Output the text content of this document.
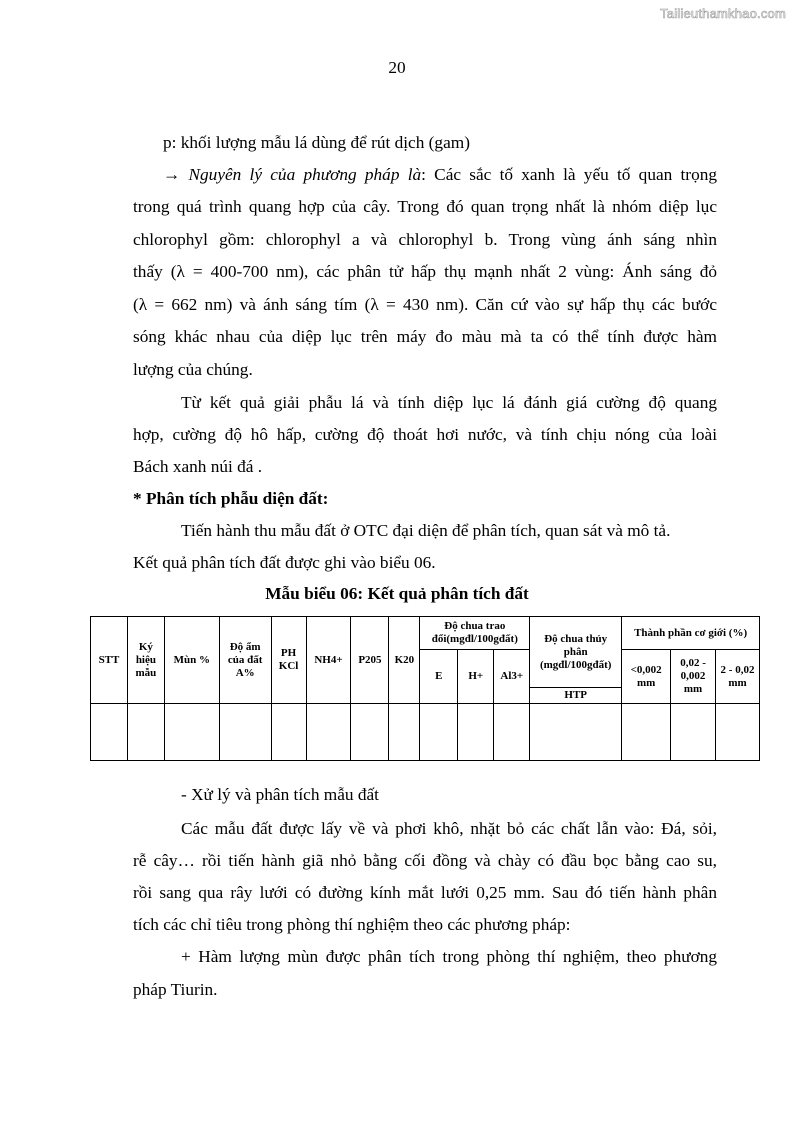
Tailieuthamkhao.com
20
p: khối lượng mẫu lá dùng để rút dịch (gam)
→ Nguyên lý của phương pháp là: Các sắc tố xanh là yếu tố quan trọng
trong quá trình quang hợp của cây. Trong đó quan trọng nhất là nhóm diệp lục
chlorophyl gồm: chlorophyl a và chlorophyl b. Trong vùng ánh sáng nhìn
thấy (λ = 400-700 nm), các phân tử hấp thụ mạnh nhất 2 vùng: Ánh sáng đỏ
(λ = 662 nm) và ánh sáng tím (λ = 430 nm). Căn cứ vào sự hấp thụ các bước
sóng khác nhau của diệp lục trên máy đo màu mà ta có thể tính được hàm
lượng của chúng.
Từ kết quả giải phẫu lá và tính diệp lục lá đánh giá cường độ quang
hợp, cường độ hô hấp, cường độ thoát hơi nước, và tính chịu nóng của loài
Bách xanh núi đá .
* Phân tích phẫu diện đất:
Tiến hành thu mẫu đất ở OTC đại diện để phân tích, quan sát và mô tả.
Kết quả phân tích đất được ghi vào biểu 06.
Mẫu biểu 06: Kết quả phân tích đất
STT	Ký hiệu mẫu	Mùn %	Độ ẩm của đất A%	PH KCl	NH4+	P205	K20	Độ chua trao đổi(mgđl/100gđất)			Độ chua thủy phân (mgđl/100gđất)	Thành phần cơ giới (%)		
								E	H+	Al3+		<0,002 mm	0,02 - 0,002 mm	2 - 0,02 mm
											HTP			

- Xử lý và phân tích mẫu đất
Các mẫu đất được lấy về và phơi khô, nhặt bỏ các chất lẫn vào: Đá, sỏi,
rễ cây… rồi tiến hành giã nhỏ bằng cối đồng và chày có đầu bọc bằng cao su,
rồi sang qua rây lưới có đường kính mắt lưới 0,25 mm. Sau đó tiến hành phân
tích các chỉ tiêu trong phòng thí nghiệm theo các phương pháp:
+ Hàm lượng mùn được phân tích trong phòng thí nghiệm, theo phương
pháp Tiurin.
